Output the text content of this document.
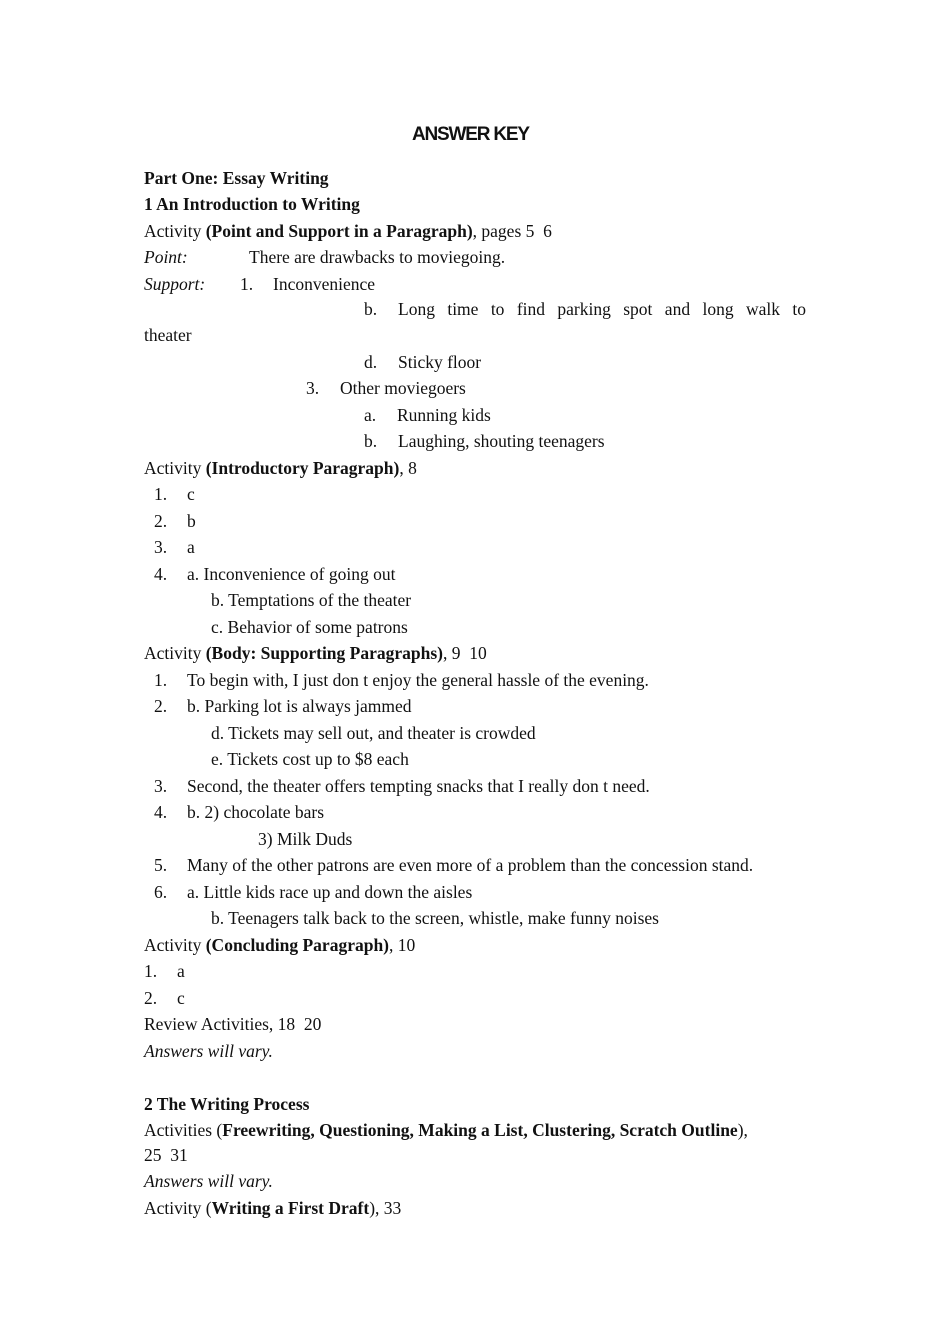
ANSWER KEY
Part One: Essay Writing
1 An Introduction to Writing
Activity (Point and Support in a Paragraph), pages 5  6
Point:	There are drawbacks to moviegoing.
Support: 1. Inconvenience
b. Long time to find parking spot and long walk to
theater
d. Sticky floor
3. Other moviegoers
a. Running kids
b. Laughing, shouting teenagers
Activity (Introductory Paragraph), 8
1. c
2. b
3. a
4. a. Inconvenience of going out
b. Temptations of the theater
c. Behavior of some patrons
Activity (Body: Supporting Paragraphs), 9  10
1. To begin with, I just don t enjoy the general hassle of the evening.
2. b. Parking lot is always jammed
d. Tickets may sell out, and theater is crowded
e. Tickets cost up to $8 each
3. Second, the theater offers tempting snacks that I really don t need.
4. b. 2) chocolate bars
3) Milk Duds
5. Many of the other patrons are even more of a problem than the concession stand.
6. a. Little kids race up and down the aisles
b. Teenagers talk back to the screen, whistle, make funny noises
Activity (Concluding Paragraph), 10
1. a
2. c
Review Activities, 18  20
Answers will vary.
2 The Writing Process
Activities (Freewriting, Questioning, Making a List, Clustering, Scratch Outline),
25  31
Answers will vary.
Activity (Writing a First Draft), 33
